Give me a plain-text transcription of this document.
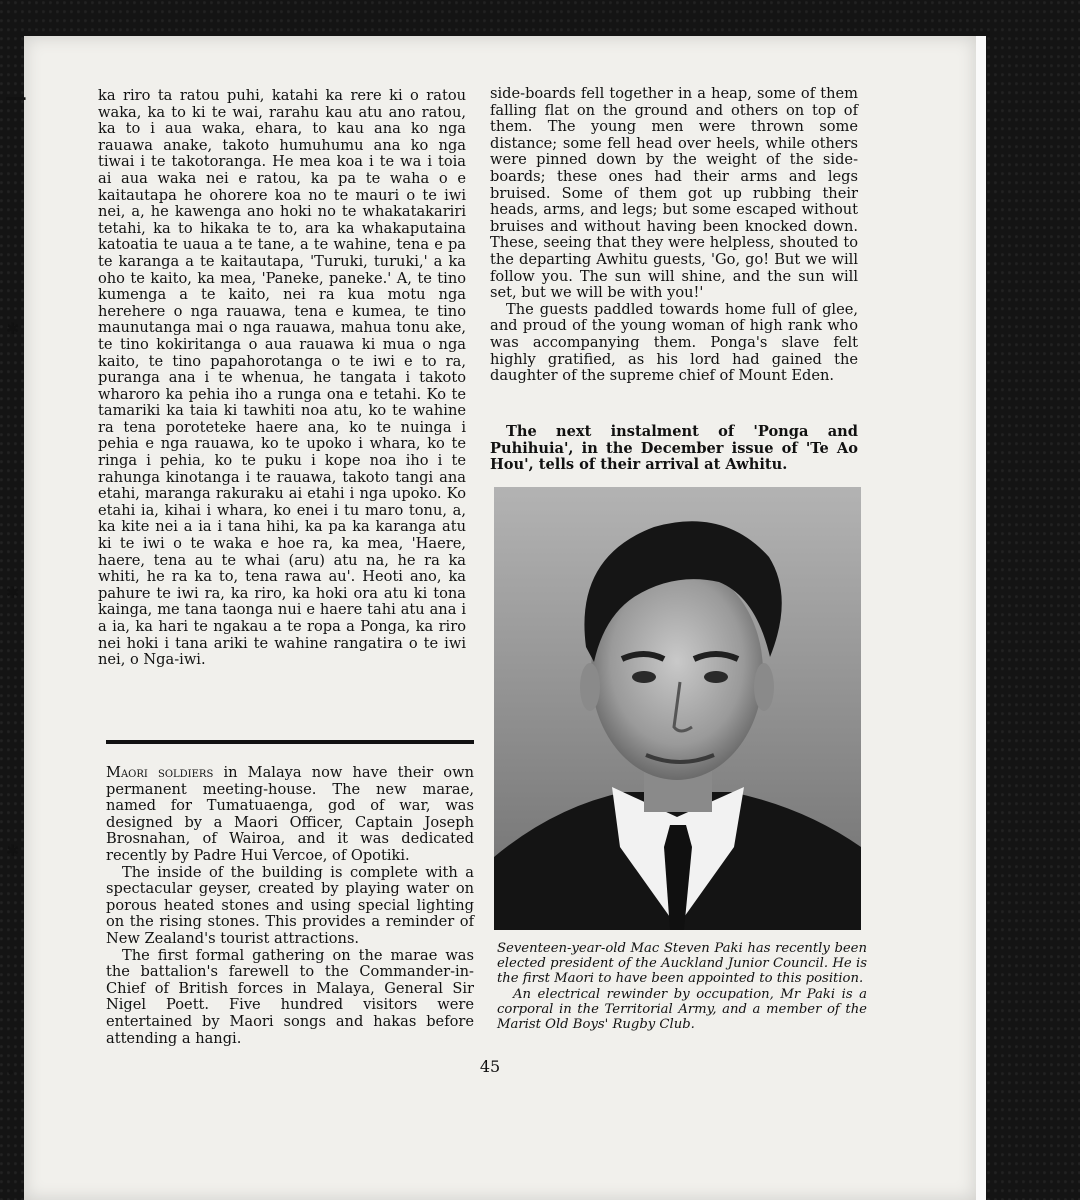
━━
✱
✱
✱
•

ka riro ta ratou puhi, katahi ka rere ki o ratou waka, ka to ki te wai, rarahu kau atu ano ratou, ka to i aua waka, ehara, to kau ana ko nga rauawa anake, takoto humuhumu ana ko nga tiwai i te takotoranga. He mea koa i te wa i toia ai aua waka nei e ratou, ka pa te waha o e kaitautapa he ohorere koa no te mauri o te iwi nei, a, he kawenga ano hoki no te whakatakariri tetahi, ka to hikaka te to, ara ka whakaputaina katoatia te uaua a te tane, a te wahine, tena e pa te karanga a te kaitautapa, 'Turuki, turuki,' a ka oho te kaito, ka mea, 'Paneke, paneke.' A, te tino kumenga a te kaito, nei ra kua motu nga herehere o nga rauawa, tena e kumea, te tino maunutanga mai o nga rauawa, mahua tonu ake, te tino kokiritanga o aua rauawa ki mua o nga kaito, te tino papahorotanga o te iwi e to ra, puranga ana i te whenua, he tangata i takoto wharoro ka pehia iho a runga ona e tetahi. Ko te tamariki ka taia ki tawhiti noa atu, ko te wahine ra tena poroteteke haere ana, ko te nuinga i pehia e nga rauawa, ko te upoko i whara, ko te ringa i pehia, ko te puku i kope noa iho i te rahunga kinotanga i te rauawa, takoto tangi ana etahi, maranga rakuraku ai etahi i nga upoko. Ko etahi ia, kihai i whara, ko enei i tu maro tonu, a, ka kite nei a ia i tana hihi, ka pa ka karanga atu ki te iwi o te waka e hoe ra, ka mea, 'Haere, haere, tena au te whai (aru) atu na, he ra ka whiti, he ra ka to, tena rawa au'. Heoti ano, ka pahure te iwi ra, ka riro, ka hoki ora atu ki tona kainga, me tana taonga nui e haere tahi atu ana i a ia, ka hari te ngakau a te ropa a Ponga, ka riro nei hoki i tana ariki te wahine rangatira o te iwi nei, o Nga-iwi.

side-boards fell together in a heap, some of them falling flat on the ground and others on top of them. The young men were thrown some distance; some fell head over heels, while others were pinned down by the weight of the side-boards; these ones had their arms and legs bruised. Some of them got up rubbing their heads, arms, and legs; but some escaped without bruises and without having been knocked down. These, seeing that they were helpless, shouted to the departing Awhitu guests, 'Go, go! But we will follow you. The sun will shine, and the sun will set, but we will be with you!'

The guests paddled towards home full of glee, and proud of the young woman of high rank who was accompanying them. Ponga's slave felt highly gratified, as his lord had gained the daughter of the supreme chief of Mount Eden.

The next instalment of 'Ponga and Puhihuia', in the December issue of 'Te Ao Hou', tells of their arrival at Awhitu.

Seventeen-year-old Mac Steven Paki has recently been elected president of the Auckland Junior Council. He is the first Maori to have been appointed to this position.

An electrical rewinder by occupation, Mr Paki is a corporal in the Territorial Army, and a member of the Marist Old Boys' Rugby Club.

Maori soldiers in Malaya now have their own permanent meeting-house. The new marae, named for Tumatuaenga, god of war, was designed by a Maori Officer, Captain Joseph Brosnahan, of Wairoa, and it was dedicated recently by Padre Hui Vercoe, of Opotiki.

The inside of the building is complete with a spectacular geyser, created by playing water on porous heated stones and using special lighting on the rising stones. This provides a reminder of New Zealand's tourist attractions.

The first formal gathering on the marae was the battalion's farewell to the Commander-in-Chief of British forces in Malaya, General Sir Nigel Poett. Five hundred visitors were entertained by Maori songs and hakas before attending a hangi.

45
